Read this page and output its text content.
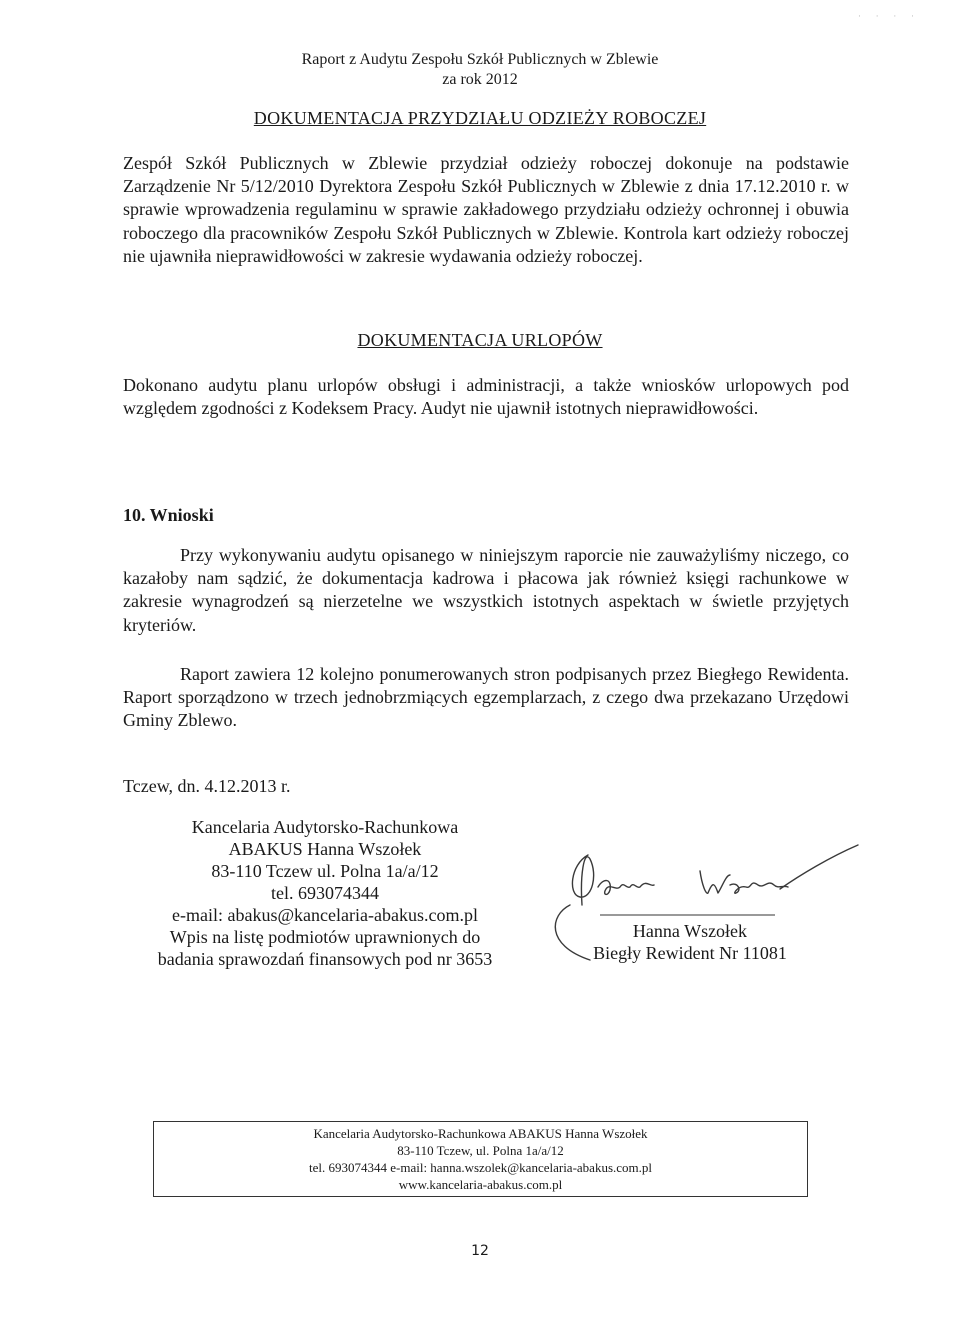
· · · ·
Raport z Audytu Zespołu Szkół Publicznych w Zblewie
za rok 2012
DOKUMENTACJA PRZYDZIAŁU ODZIEŻY ROBOCZEJ
Zespół Szkół Publicznych w Zblewie przydział odzieży roboczej dokonuje na podstawie Zarządzenie Nr 5/12/2010 Dyrektora Zespołu Szkół Publicznych w Zblewie z dnia 17.12.2010 r. w sprawie wprowadzenia regulaminu w sprawie zakładowego przydziału odzieży ochronnej i obuwia roboczego dla pracowników Zespołu Szkół Publicznych w Zblewie. Kontrola kart odzieży roboczej nie ujawniła nieprawidłowości w zakresie wydawania odzieży roboczej.
DOKUMENTACJA URLOPÓW
Dokonano audytu planu urlopów obsługi i administracji, a także wniosków urlopowych pod względem zgodności z Kodeksem Pracy. Audyt nie ujawnił istotnych nieprawidłowości.
10. Wnioski
Przy wykonywaniu audytu opisanego w niniejszym raporcie nie zauważyliśmy niczego, co kazałoby nam sądzić, że dokumentacja kadrowa i płacowa jak również księgi rachunkowe w zakresie wynagrodzeń są nierzetelne we wszystkich istotnych aspektach w świetle przyjętych kryteriów.
Raport zawiera 12 kolejno ponumerowanych stron podpisanych przez Biegłego Rewidenta. Raport sporządzono w trzech jednobrzmiących egzemplarzach, z czego dwa przekazano Urzędowi Gminy Zblewo.
Tczew, dn. 4.12.2013 r.
Kancelaria Audytorsko-Rachunkowa
ABAKUS Hanna Wszołek
83-110 Tczew ul. Polna 1a/a/12
tel. 693074344
e-mail: abakus@kancelaria-abakus.com.pl
Wpis na listę podmiotów uprawnionych do
badania sprawozdań finansowych pod nr 3653
Hanna Wszołek
Biegły Rewident Nr 11081
Kancelaria Audytorsko-Rachunkowa ABAKUS Hanna Wszołek
83-110 Tczew, ul. Polna 1a/a/12
tel. 693074344 e-mail: hanna.wszolek@kancelaria-abakus.com.pl
www.kancelaria-abakus.com.pl
12
